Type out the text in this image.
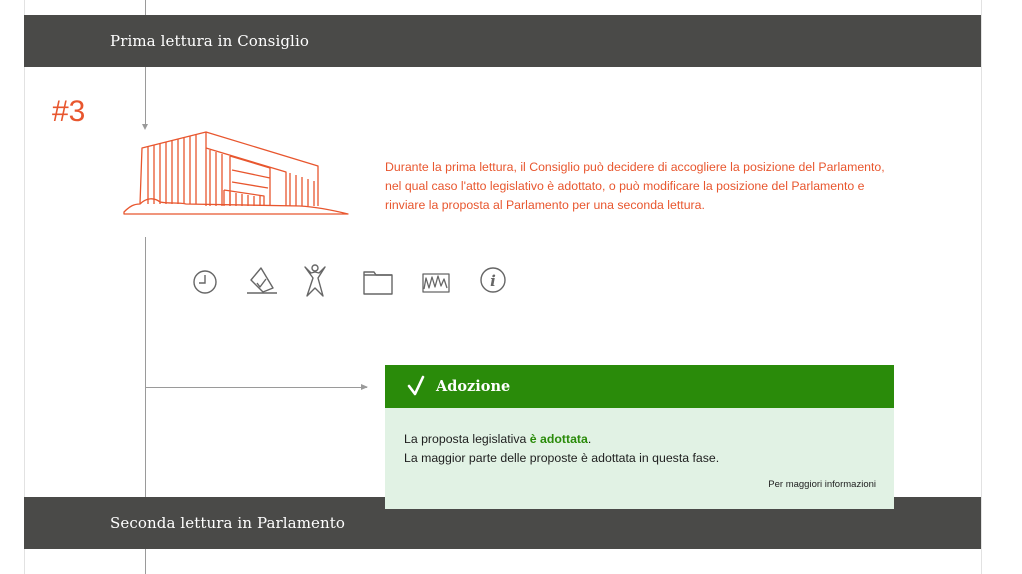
Prima lettura in Consiglio
#3
Durante la prima lettura, il Consiglio può decidere di accogliere la posizione del Parlamento, nel qual caso l'atto legislativo è adottato, o può modificare la posizione del Parlamento e rinviare la proposta al Parlamento per una seconda lettura.
i
Seconda lettura in Parlamento
Adozione
La proposta legislativa è adottata.
La maggior parte delle proposte è adottata in questa fase.
Per maggiori informazioni
